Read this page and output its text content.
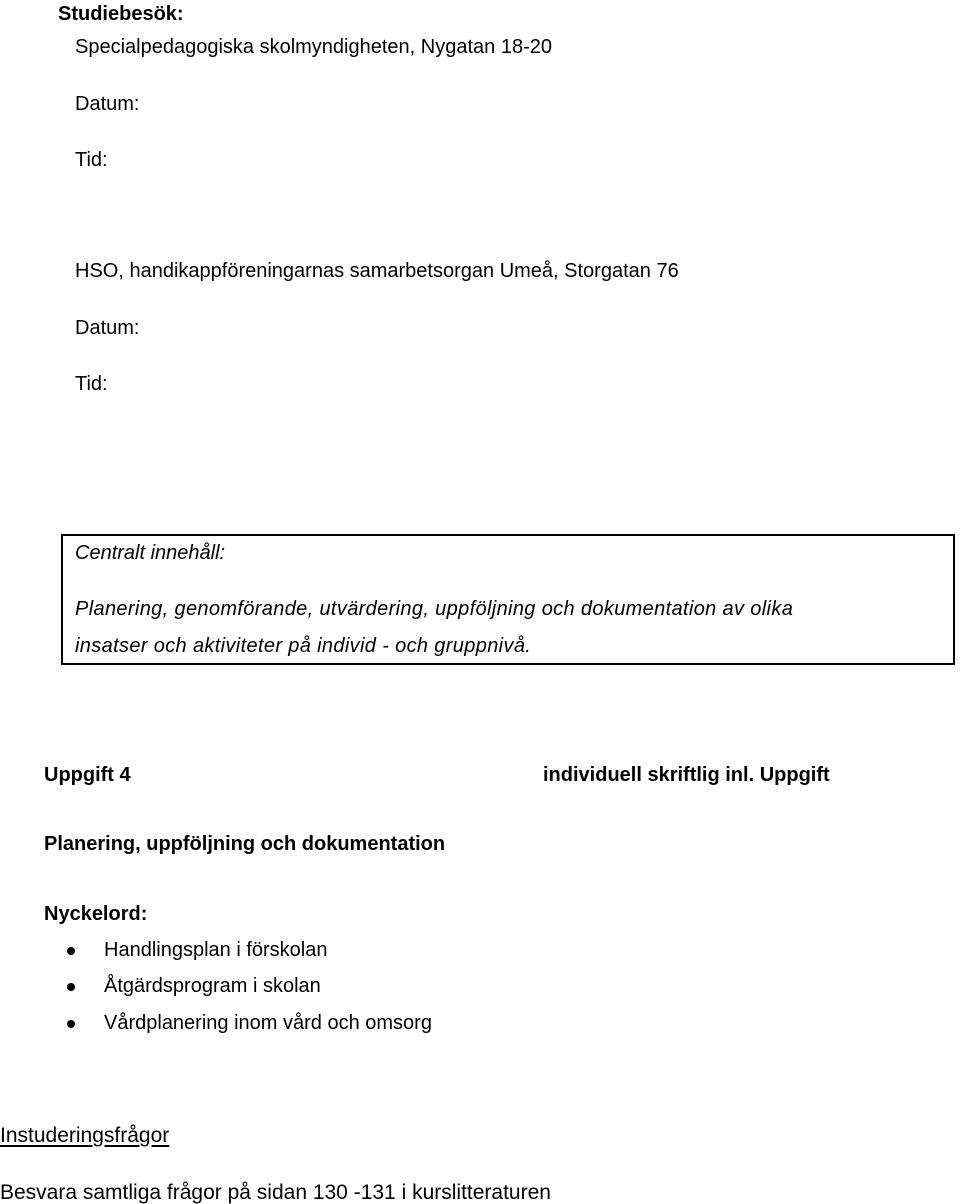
Studiebesök:
Specialpedagogiska skolmyndigheten, Nygatan 18-20
Datum:
Tid:
HSO, handikappföreningarnas samarbetsorgan Umeå, Storgatan 76
Datum:
Tid:
Centralt innehåll:
Planering, genomförande, utvärdering, uppföljning och dokumentation av olika
insatser och aktiviteter på individ - och gruppnivå.
Uppgift 4	individuell skriftlig inl. Uppgift
Planering, uppföljning och dokumentation
Nyckelord:
Handlingsplan i förskolan
Åtgärdsprogram i skolan
Vårdplanering inom vård och omsorg
Instuderingsfrågor
Besvara samtliga frågor på sidan 130 -131 i kurslitteraturen
